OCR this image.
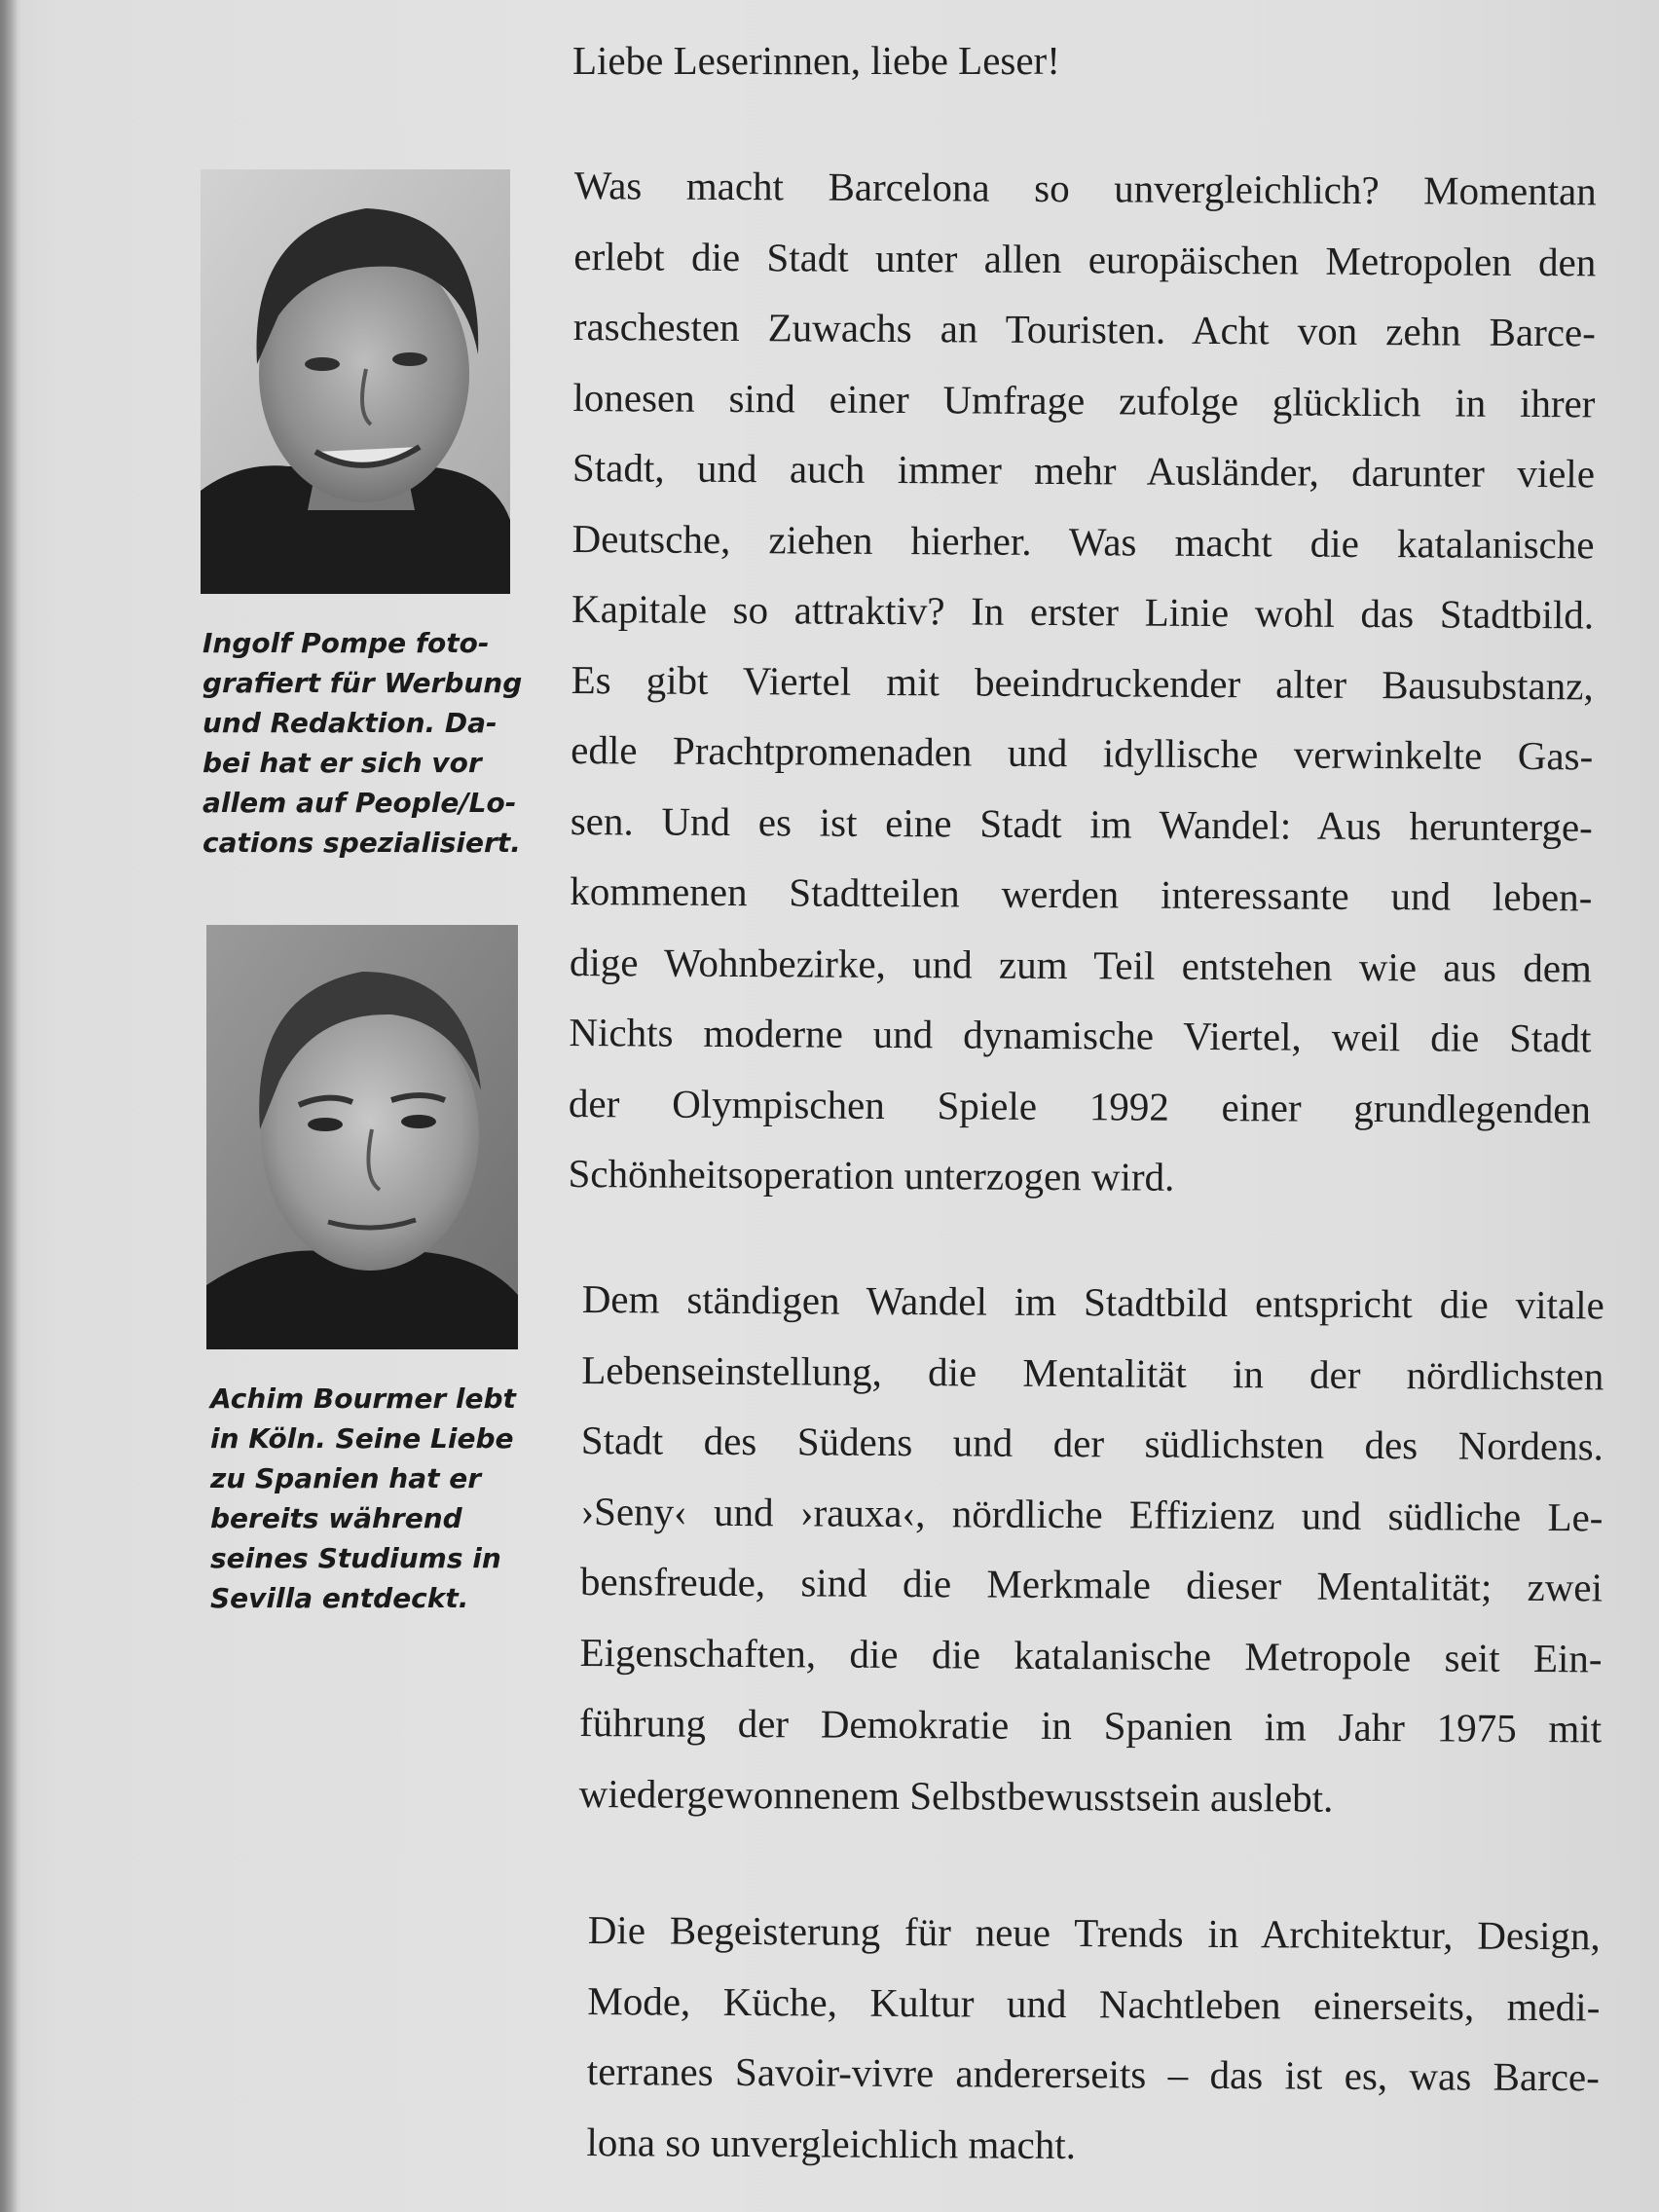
Ingolf Pompe foto-
grafiert für Werbung
und Redaktion. Da-
bei hat er sich vor
allem auf People/Lo-
cations spezialisiert.
Achim Bourmer lebt
in Köln. Seine Liebe
zu Spanien hat er
bereits während
seines Studiums in
Sevilla entdeckt.
Liebe Leserinnen, liebe Leser!
Was macht Barcelona so unvergleichlich? Momentan
erlebt die Stadt unter allen europäischen Metropolen den
raschesten Zuwachs an Touristen. Acht von zehn Barce-
lonesen sind einer Umfrage zufolge glücklich in ihrer
Stadt, und auch immer mehr Ausländer, darunter viele
Deutsche, ziehen hierher. Was macht die katalanische
Kapitale so attraktiv? In erster Linie wohl das Stadtbild.
Es gibt Viertel mit beeindruckender alter Bausubstanz,
edle Prachtpromenaden und idyllische verwinkelte Gas-
sen. Und es ist eine Stadt im Wandel: Aus herunterge-
kommenen Stadtteilen werden interessante und leben-
dige Wohnbezirke, und zum Teil entstehen wie aus dem
Nichts moderne und dynamische Viertel, weil die Stadt
der Olympischen Spiele 1992 einer grundlegenden
Schönheitsoperation unterzogen wird.
Dem ständigen Wandel im Stadtbild entspricht die vitale
Lebenseinstellung, die Mentalität in der nördlichsten
Stadt des Südens und der südlichsten des Nordens.
›Seny‹ und ›rauxa‹, nördliche Effizienz und südliche Le-
bensfreude, sind die Merkmale dieser Mentalität; zwei
Eigenschaften, die die katalanische Metropole seit Ein-
führung der Demokratie in Spanien im Jahr 1975 mit
wiedergewonnenem Selbstbewusstsein auslebt.
Die Begeisterung für neue Trends in Architektur, Design,
Mode, Küche, Kultur und Nachtleben einerseits, medi-
terranes Savoir-vivre andererseits – das ist es, was Barce-
lona so unvergleichlich macht.
